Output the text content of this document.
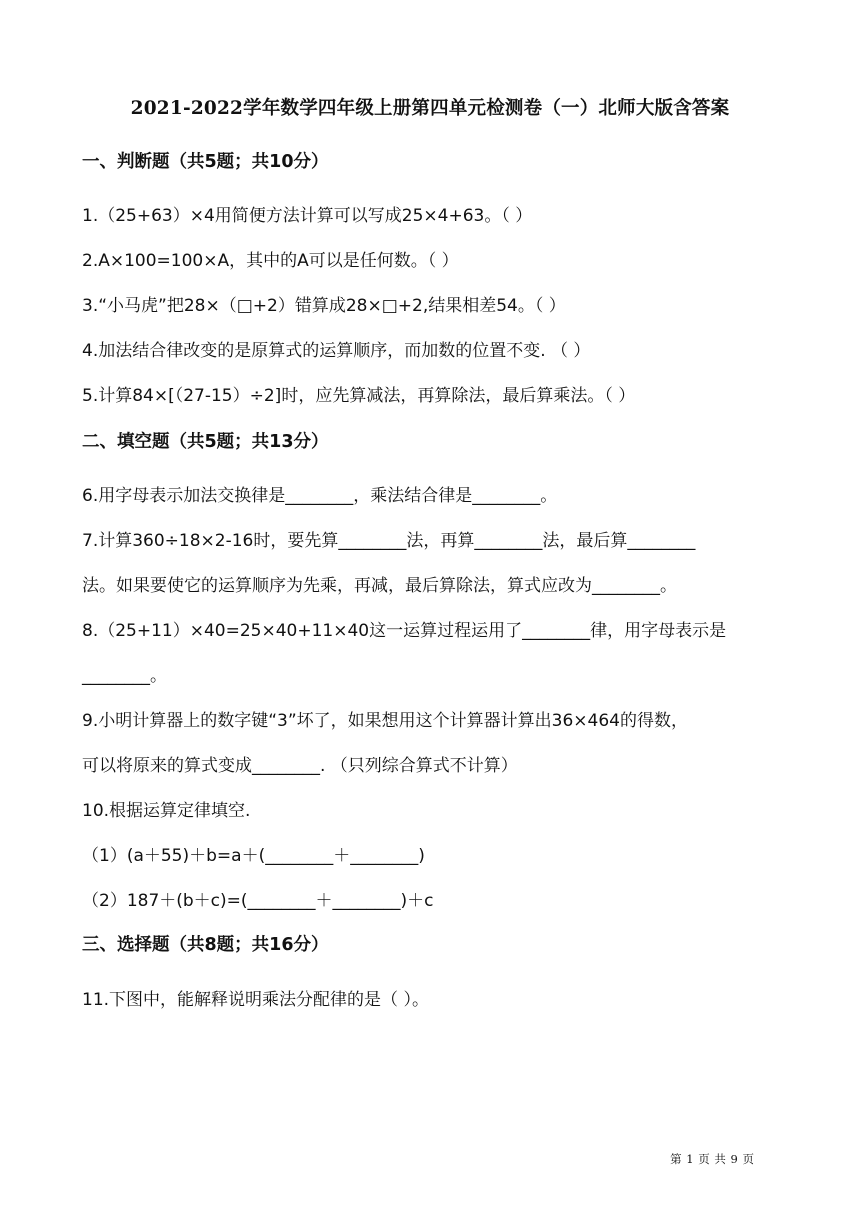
2021-2022学年数学四年级上册第四单元检测卷（一）北师大版含答案
一、判断题（共5题；共10分）
1.（25+63）×4用简便方法计算可以写成25×4+63。（ ）
2.A×100=100×A，其中的A可以是任何数。（ ）
3.“小马虎”把28×（□+2）错算成28×□+2,结果相差54。（ ）
4.加法结合律改变的是原算式的运算顺序，而加数的位置不变. （ ）
5.计算84×[（27-15）÷2]时，应先算减法，再算除法，最后算乘法。（ ）
二、填空题（共5题；共13分）
6.用字母表示加法交换律是________，乘法结合律是________。
7.计算360÷18×2-16时，要先算________法，再算________法，最后算________
法。如果要使它的运算顺序为先乘，再减，最后算除法，算式应改为________。
8.（25+11）×40=25×40+11×40这一运算过程运用了________律，用字母表示是
________。
9.小明计算器上的数字键“3”坏了，如果想用这个计算器计算出36×464的得数，
可以将原来的算式变成________. （只列综合算式不计算）
10.根据运算定律填空.
（1）(a＋55)＋b=a＋(________＋________)
（2）187＋(b＋c)=(________＋________)＋c
三、选择题（共8题；共16分）
11.下图中，能解释说明乘法分配律的是（ ）。
第 1 页 共 9 页
